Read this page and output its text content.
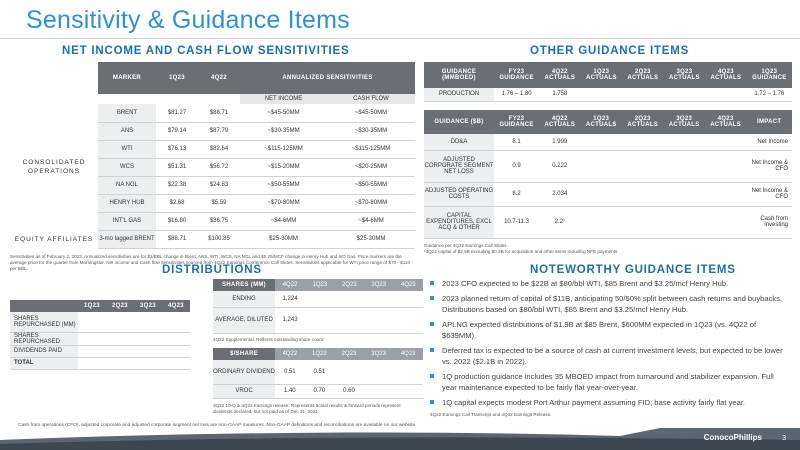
Sensitivity & Guidance Items
NET INCOME AND CASH FLOW SENSITIVITIES	OTHER GUIDANCE ITEMS
	MARKER	1Q23	4Q22	ANNUALIZED SENSITIVITIES	
				NET INCOME	CASH FLOW
CONSOLIDATED OPERATIONS	BRENT	$81.27	$88.71	~$45-50MM	~$45-50MM
	ANS	$79.14	$87.79	~$30-35MM	~$30-35MM
	WTI	$76.13	$82.64	~$115-125MM	~$115-125MM
	WCS	$51.31	$56.72	~$15-20MM	~$20-25MM
	NA NGL	$22.38	$24.83	~$50-55MM	~$50-55MM
	HENRY HUB	$2.68	$5.59	~$70-80MM	~$70-80MM
	INT'L GAS	$16.80	$36.75	~$4-6MM	~$4-6MM
EQUITY AFFILIATES	3-mo lagged BRENT	$88.71	$100.85	$25-30MM	$25-30MM
Sensitivities as of February 2, 2023. Annualized sensitivities are for $1/BBL change in Brent, ANS, WTI, WCS, NA NGL and $0.25/MCF change in Henry Hub and Int'l Gas. Price markers are the average price for the quarter from Morningstar. Net income and Cash flow sensitivities sourced from 4Q22 Earnings Conference Call Slides. Sensitivities applicable for WTI price range of $70 - $110 per BBL.
GUIDANCE (MMBOED)	FY23 GUIDANCE	4Q22 ACTUALS	1Q23 ACTUALS	2Q23 ACTUALS	3Q23 ACTUALS	4Q23 ACTUALS	1Q23 GUIDANCE
PRODUCTION	1.76 – 1.80	1.758					1.72 – 1.76
GUIDANCE ($B)	FY23 GUIDANCE	4Q22 ACTUALS	1Q23 ACTUALS	2Q23 ACTUALS	3Q23 ACTUALS	4Q23 ACTUALS	IMPACT
DD&A	8.1	1.999					Net Income
ADJUSTED CORPORATE SEGMENT NET LOSS	0.9	0.222					Net Income & CFO
ADJUSTED OPERATING COSTS	8.2	2.034					Net Income & CFO
CAPITAL EXPENDITURES, EXCL ACQ & OTHER	10.7-11.3	2.2¹					Cash from investing
Guidance per 4Q22 Earnings Call Slides.
¹4Q22 capital of $2.5B excluding $0.3B for acquisition and other items including NFE payments.
DISTRIBUTIONS
	1Q23	2Q23	3Q23	4Q23
SHARES REPURCHASED (MM)				
SHARES REPURCHASED				
DIVIDENDS PAID				
TOTAL				
SHARES (MM)	4Q22	1Q23	2Q23	3Q23	4Q23
ENDING	1,224				
AVERAGE, DILUTED	1,243				
4Q22 Supplemental. Reflects outstanding share count.
$/SHARE	4Q22	1Q23	2Q23	3Q23	4Q23
ORDINARY DIVIDEND	0.51	0.51			
VROC	1.40	0.70	0.60		
3Q22 10-Q & 4Q22 Earnings release; Represents actual results & forward periods represent dividends declared, but not paid as of Dec 31, 2022.
NOTEWORTHY GUIDANCE ITEMS
2023 CFO expected to be $22B at $80/bbl WTI, $85 Brent and $3.25/mcf Henry Hub.
2023 planned return of capital of $11B, anticipating 50/50% split between cash returns and buybacks. Distributions based on $80/bbl WTI, $85 Brent and $3.25/mcf Henry Hub.
APLNG expected distributions of $1.9B at $85 Brent, $600MM expected in 1Q23 (vs. 4Q22 of $639MM).
Deferred tax is expected to be a source of cash at current investment levels, but expected to be lower vs. 2022 ($2.1B in 2022).
1Q production guidance includes 35 MBOED impact from turnaround and stabilizer expansion. Full year maintenance expected to be fairly flat year-over-year.
1Q capital expects modest Port Arthur payment assuming FID; base activity fairly flat year.
4Q22 Earnings Call Transcript and 4Q22 Earnings Release.
Cash from operations (CFO), adjusted corporate and adjusted corporate segment net loss are non-GAAP measures. Non-GAAP definitions and reconciliations are available on our website.
ConocoPhillips	3
